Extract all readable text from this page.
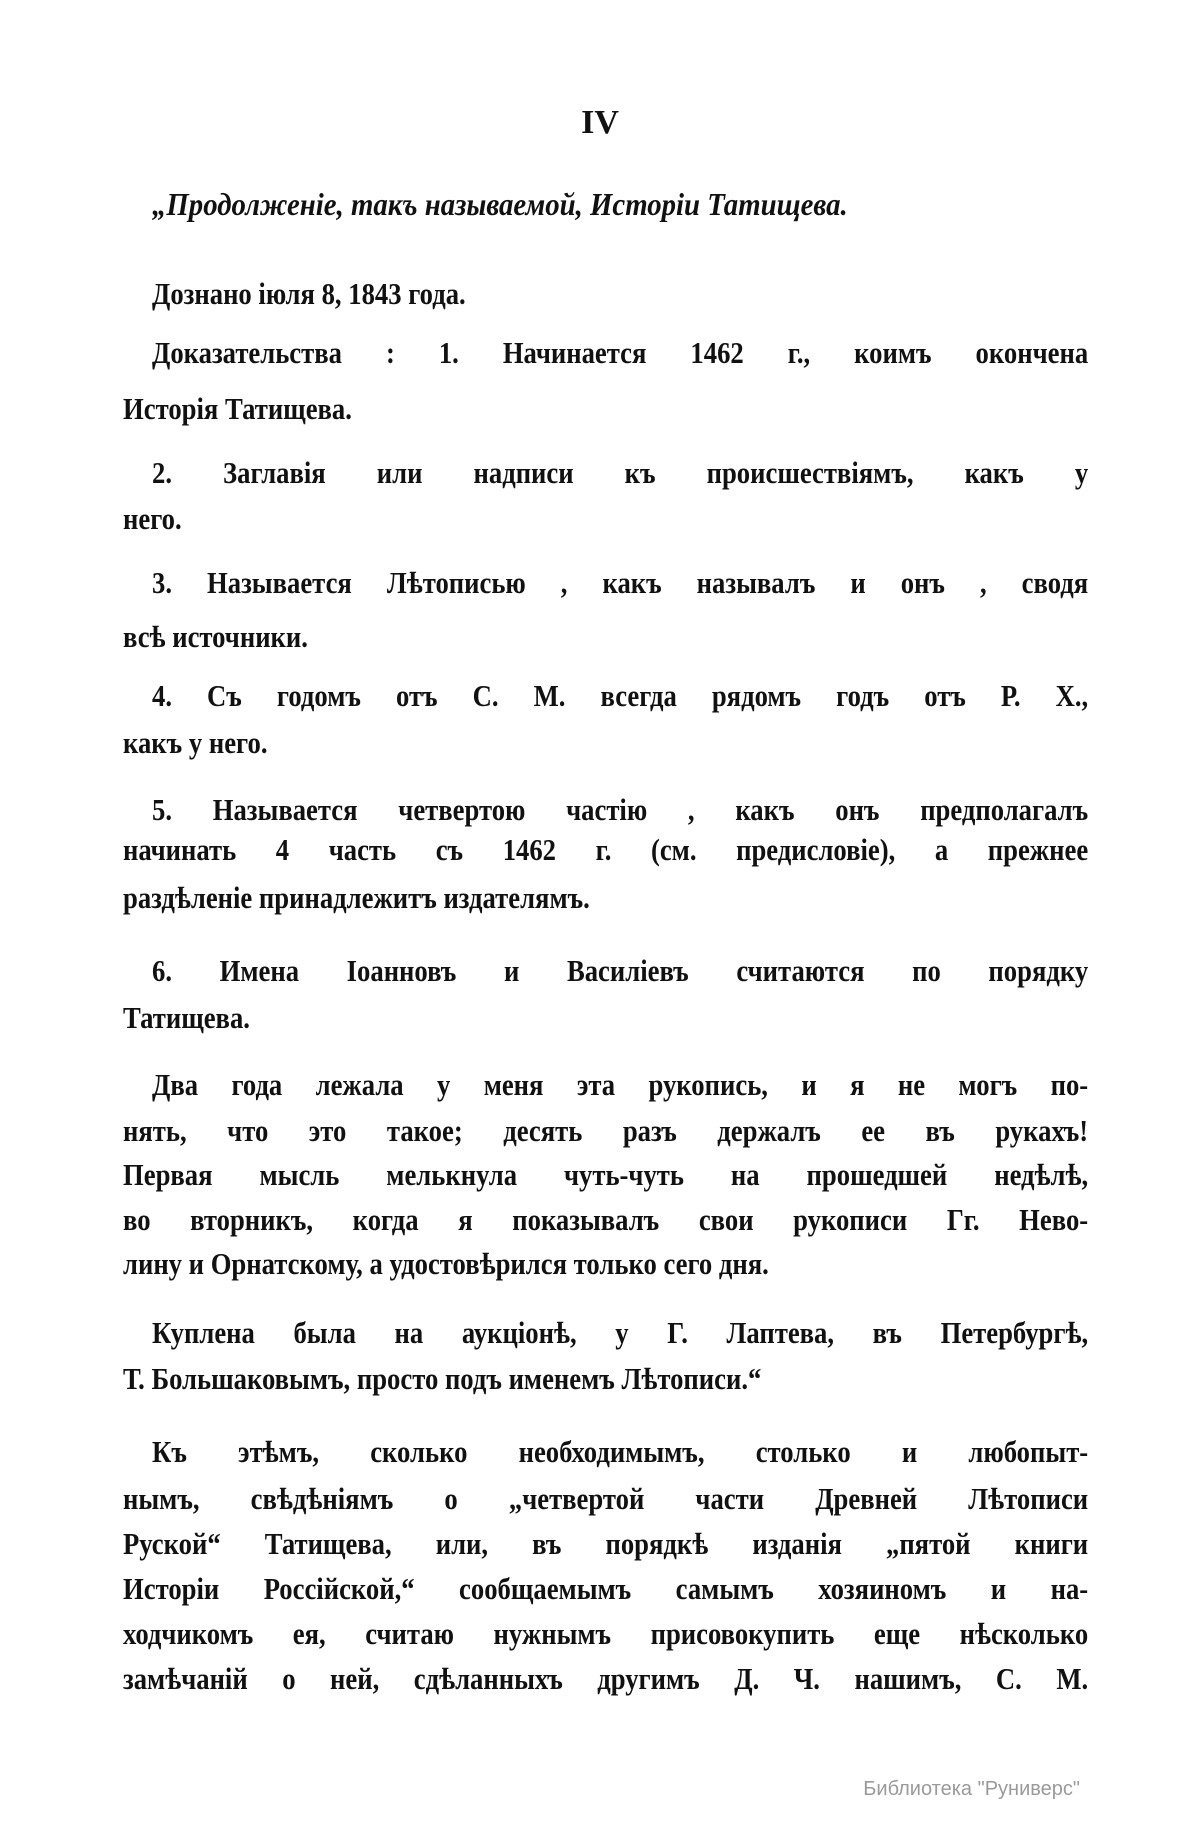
IV
„Продолженіе, такъ называемой, Исторіи Татищева.
Дознано іюля 8, 1843 года.
Доказательства : 1. Начинается 1462 г., коимъ окончена
Исторія Татищева.
2. Заглавія или надписи къ происшествіямъ, какъ у
него.
3. Называется Лѣтописью , какъ называлъ и онъ , сводя
всѣ источники.
4. Съ годомъ отъ С. М. всегда рядомъ годъ отъ Р. Х.,
какъ у него.
5. Называется четвертою частію , какъ онъ предполагалъ
начинать 4 часть съ 1462 г. (см. предисловіе), а прежнее
раздѣленіе принадлежитъ издателямъ.
6. Имена Іоанновъ и Василіевъ считаются по порядку
Татищева.
Два года лежала у меня эта рукопись, и я не могъ по-
нять, что это такое; десять разъ держалъ ее въ рукахъ!
Первая мысль мелькнула чуть-чуть на прошедшей недѣлѣ,
во вторникъ, когда я показывалъ свои рукописи Гг. Нево-
лину и Орнатскому, а удостовѣрился только сего дня.
Куплена была на аукціонѣ, у Г. Лаптева, въ Петербургѣ,
Т. Большаковымъ, просто подъ именемъ Лѣтописи.“
Къ этѣмъ, сколько необходимымъ, столько и любопыт-
нымъ, свѣдѣніямъ о „четвертой части Древней Лѣтописи
Руской“ Татищева, или, въ порядкѣ изданія „пятой книги
Исторіи Россійской,“ сообщаемымъ самымъ хозяиномъ и на-
ходчикомъ ея, считаю нужнымъ присовокупить еще нѣсколько
замѣчаній о ней, сдѣланныхъ другимъ Д. Ч. нашимъ, С. М.
Библиотека "Руниверс"
